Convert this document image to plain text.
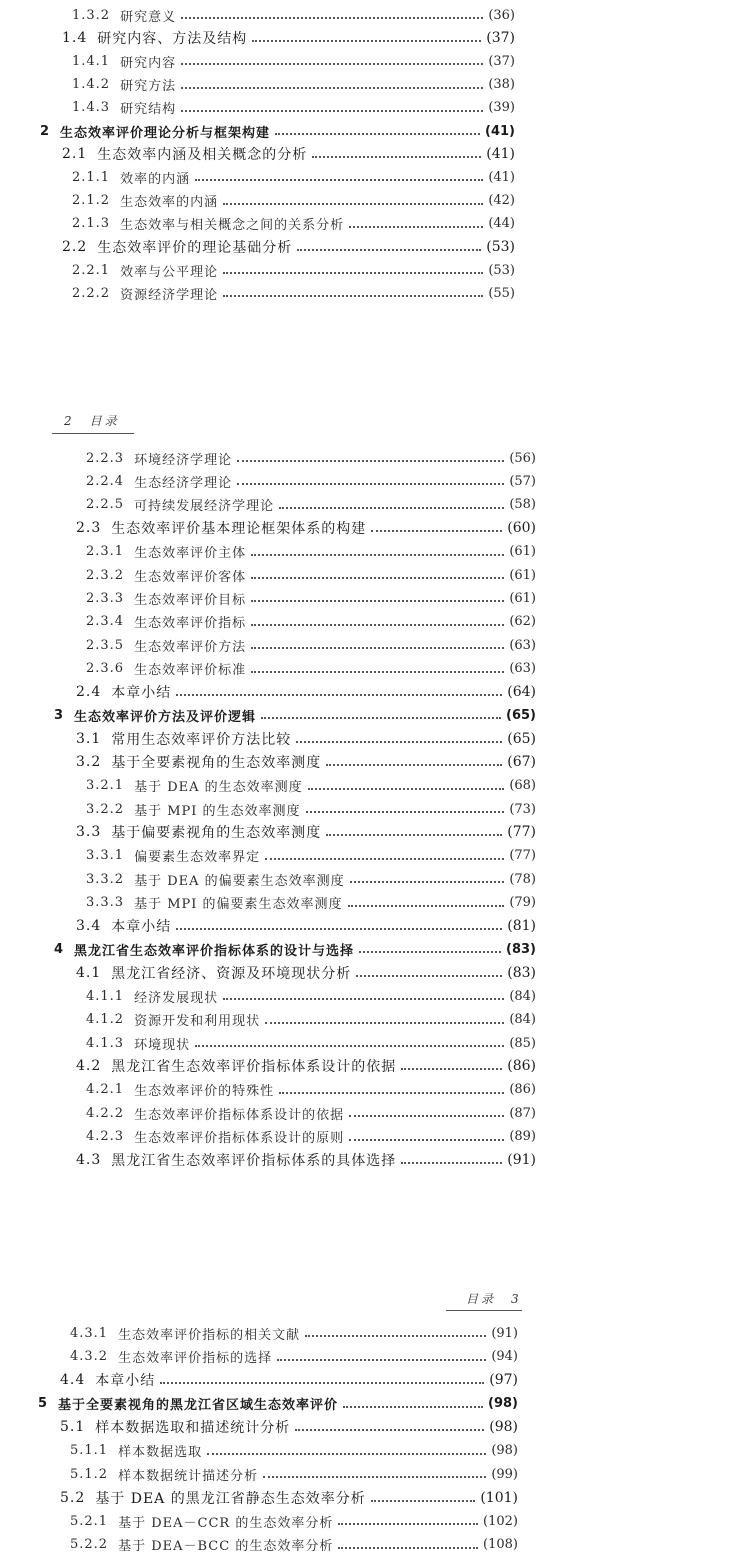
1.3.2 研究意义	(36)
1.4 研究内容、方法及结构	(37)
1.4.1 研究内容	(37)
1.4.2 研究方法	(38)
1.4.3 研究结构	(39)
2 生态效率评价理论分析与框架构建	(41)
2.1 生态效率内涵及相关概念的分析	(41)
2.1.1 效率的内涵	(41)
2.1.2 生态效率的内涵	(42)
2.1.3 生态效率与相关概念之间的关系分析	(44)
2.2 生态效率评价的理论基础分析	(53)
2.2.1 效率与公平理论	(53)
2.2.2 资源经济学理论	(55)
2　目录
2.2.3 环境经济学理论	(56)
2.2.4 生态经济学理论	(57)
2.2.5 可持续发展经济学理论	(58)
2.3 生态效率评价基本理论框架体系的构建	(60)
2.3.1 生态效率评价主体	(61)
2.3.2 生态效率评价客体	(61)
2.3.3 生态效率评价目标	(61)
2.3.4 生态效率评价指标	(62)
2.3.5 生态效率评价方法	(63)
2.3.6 生态效率评价标准	(63)
2.4 本章小结	(64)
3 生态效率评价方法及评价逻辑	(65)
3.1 常用生态效率评价方法比较	(65)
3.2 基于全要素视角的生态效率测度	(67)
3.2.1 基于 DEA 的生态效率测度	(68)
3.2.2 基于 MPI 的生态效率测度	(73)
3.3 基于偏要素视角的生态效率测度	(77)
3.3.1 偏要素生态效率界定	(77)
3.3.2 基于 DEA 的偏要素生态效率测度	(78)
3.3.3 基于 MPI 的偏要素生态效率测度	(79)
3.4 本章小结	(81)
4 黑龙江省生态效率评价指标体系的设计与选择	(83)
4.1 黑龙江省经济、资源及环境现状分析	(83)
4.1.1 经济发展现状	(84)
4.1.2 资源开发和利用现状	(84)
4.1.3 环境现状	(85)
4.2 黑龙江省生态效率评价指标体系设计的依据	(86)
4.2.1 生态效率评价的特殊性	(86)
4.2.2 生态效率评价指标体系设计的依据	(87)
4.2.3 生态效率评价指标体系设计的原则	(89)
4.3 黑龙江省生态效率评价指标体系的具体选择	(91)
目录　3
4.3.1 生态效率评价指标的相关文献	(91)
4.3.2 生态效率评价指标的选择	(94)
4.4 本章小结	(97)
5 基于全要素视角的黑龙江省区域生态效率评价	(98)
5.1 样本数据选取和描述统计分析	(98)
5.1.1 样本数据选取	(98)
5.1.2 样本数据统计描述分析	(99)
5.2 基于 DEA 的黑龙江省静态生态效率分析	(101)
5.2.1 基于 DEA－CCR 的生态效率分析	(102)
5.2.2 基于 DEA－BCC 的生态效率分析	(108)
